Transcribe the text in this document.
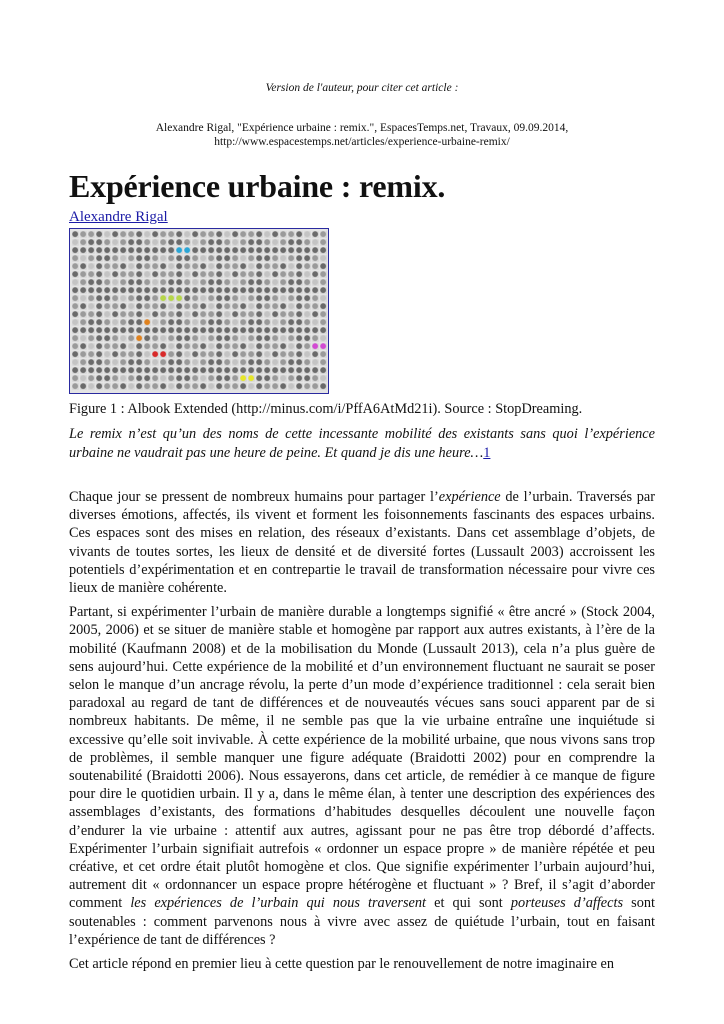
Version de l'auteur, pour citer cet article :
Alexandre Rigal, "Expérience urbaine : remix.", EspacesTemps.net, Travaux, 09.09.2014,
http://www.espacestemps.net/articles/experience-urbaine-remix/
Expérience urbaine : remix.
Alexandre Rigal
Figure 1 : Albook Extended (http://minus.com/i/PffA6AtMd21i). Source : StopDreaming.
Le remix n’est qu’un des noms de cette incessante mobilité des existants sans quoi l’expérience urbaine ne vaudrait pas une heure de peine. Et quand je dis une heure…1

Chaque jour se pressent de nombreux humains pour partager l’expérience de l’urbain. Traversés par diverses émotions, affectés, ils vivent et forment les foisonnements fascinants des espaces urbains. Ces espaces sont des mises en relation, des réseaux d’existants. Dans cet assemblage d’objets, de vivants de toutes sortes, les lieux de densité et de diversité fortes (Lussault 2003) accroissent les potentiels d’expérimentation et en contrepartie le travail de transformation nécessaire pour vivre ces lieux de manière cohérente.

Partant, si expérimenter l’urbain de manière durable a longtemps signifié « être ancré » (Stock 2004, 2005, 2006) et se situer de manière stable et homogène par rapport aux autres existants, à l’ère de la mobilité (Kaufmann 2008) et de la mobilisation du Monde (Lussault 2013), cela n’a plus guère de sens aujourd’hui. Cette expérience de la mobilité et d’un environnement fluctuant ne saurait se poser selon le manque d’un ancrage révolu, la perte d’un mode d’expérience traditionnel : cela serait bien paradoxal au regard de tant de différences et de nouveautés vécues sans souci apparent par de si nombreux habitants. De même, il ne semble pas que la vie urbaine entraîne une inquiétude si excessive qu’elle soit invivable. À cette expérience de la mobilité urbaine, que nous vivons sans trop de problèmes, il semble manquer une figure adéquate (Braidotti 2002) pour en comprendre la soutenabilité (Braidotti 2006). Nous essayerons, dans cet article, de remédier à ce manque de figure pour dire le quotidien urbain. Il y a, dans le même élan, à tenter une description des expériences des assemblages d’existants, des formations d’habitudes desquelles découlent une nouvelle façon d’endurer la vie urbaine : attentif aux autres, agissant pour ne pas être trop débordé d’affects. Expérimenter l’urbain signifiait autrefois « ordonner un espace propre » de manière répétée et peu créative, et cet ordre était plutôt homogène et clos. Que signifie expérimenter l’urbain aujourd’hui, autrement dit « ordonnancer un espace propre hétérogène et fluctuant » ? Bref, il s’agit d’aborder comment les expériences de l’urbain qui nous traversent et qui sont porteuses d’affects sont soutenables : comment parvenons nous à vivre avec assez de quiétude l’urbain, tout en faisant l’expérience de tant de différences ?

Cet article répond en premier lieu à cette question par le renouvellement de notre imaginaire en
